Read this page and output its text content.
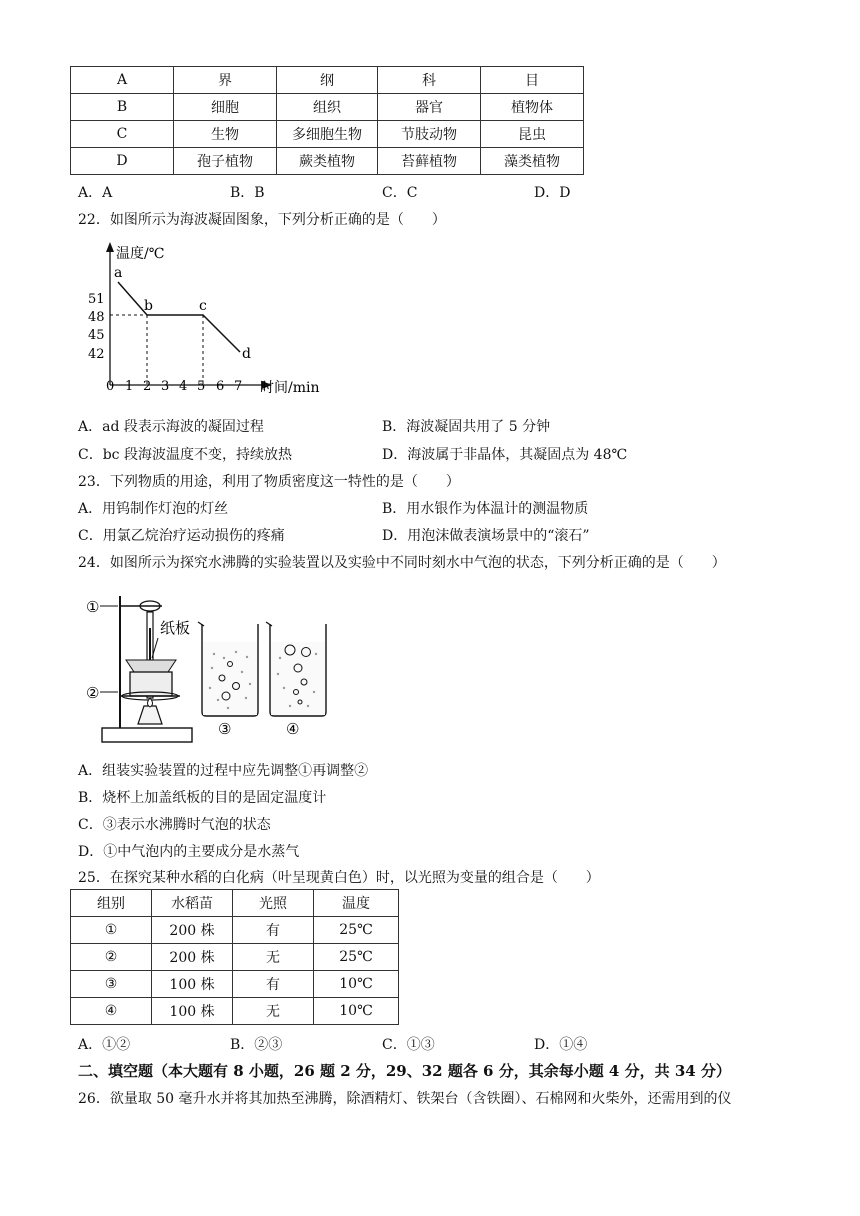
A	界	纲	科	目
B	细胞	组织	器官	植物体
C	生物	多细胞生物	节肢动物	昆虫
D	孢子植物	蕨类植物	苔藓植物	藻类植物
A．A	B．B	C．C	D．D
22．如图所示为海波凝固图象，下列分析正确的是（　　）
温度/℃
时间/min
51
48
45
42
0 1 2 3 4 5 6 7
a
b	c
d
A．ad 段表示海波的凝固过程	B．海波凝固共用了 5 分钟
C．bc 段海波温度不变，持续放热	D．海波属于非晶体，其凝固点为 48℃
23．下列物质的用途，利用了物质密度这一特性的是（　　）
A．用钨制作灯泡的灯丝	B．用水银作为体温计的测温物质
C．用氯乙烷治疗运动损伤的疼痛	D．用泡沫做表演场景中的“滚石”
24．如图所示为探究水沸腾的实验装置以及实验中不同时刻水中气泡的状态，下列分析正确的是（　　）
纸板
①
②
③	④
A．组装实验装置的过程中应先调整①再调整②
B．烧杯上加盖纸板的目的是固定温度计
C．③表示水沸腾时气泡的状态
D．①中气泡内的主要成分是水蒸气
25．在探究某种水稻的白化病（叶呈现黄白色）时，以光照为变量的组合是（　　）
组别	水稻苗	光照	温度
①	200 株	有	25℃
②	200 株	无	25℃
③	100 株	有	10℃
④	100 株	无	10℃
A．①②	B．②③	C．①③	D．①④
二、填空题（本大题有 8 小题，26 题 2 分，29、32 题各 6 分，其余每小题 4 分，共 34 分）
26．欲量取 50 毫升水并将其加热至沸腾，除酒精灯、铁架台（含铁圈）、石棉网和火柴外，还需用到的仪
